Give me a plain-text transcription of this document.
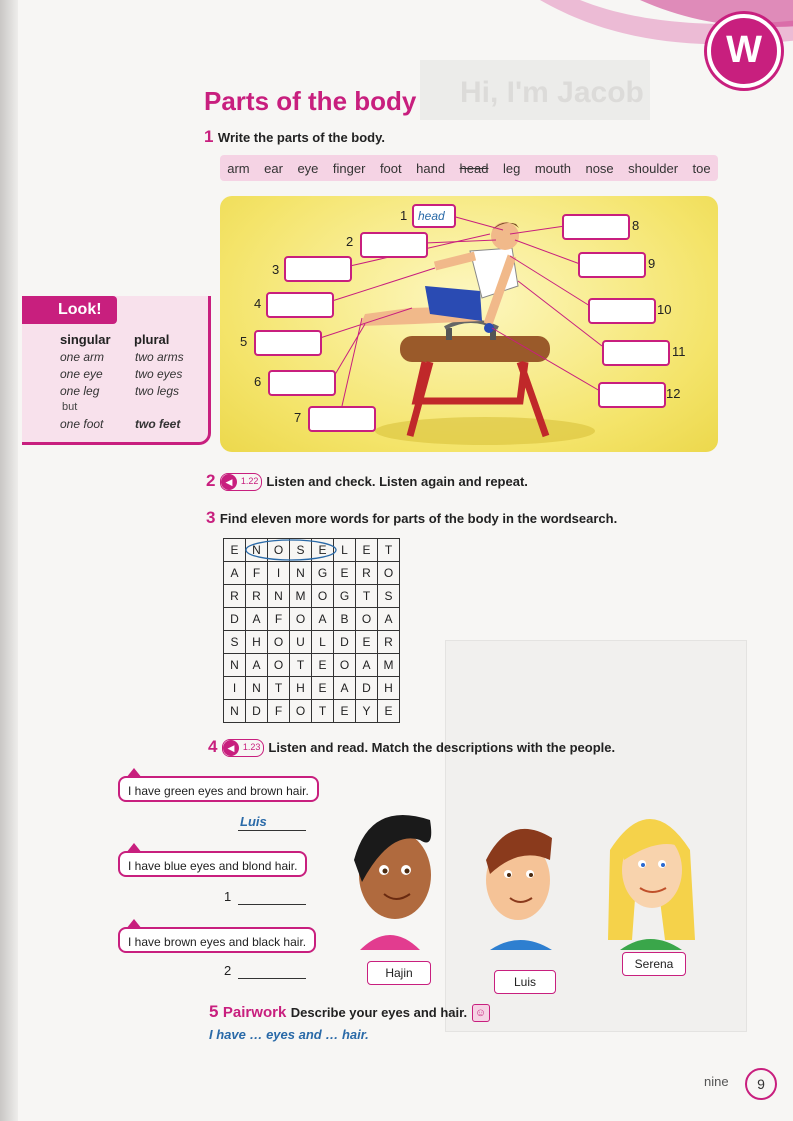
Hi, I'm Jacob
W
Parts of the body
1 Write the parts of the body.
arm ear eye finger foot hand head leg mouth nose shoulder toe
head
1
2
3
4
5
6
7
8
9
10
11
12
Look!
singular plural
one arm	two arms
one eye	two eyes
one leg	two legs
but
one foot	two feet
2	◀ 1.22 Listen and check. Listen again and repeat.
3 Find eleven more words for parts of the body in the wordsearch.
E	N	O	S	E	L	E	T
A	F	I	N	G	E	R	O
R	R	N	M	O	G	T	S
D	A	F	O	A	B	O	A
S	H	O	U	L	D	E	R
N	A	O	T	E	O	A	M
I	N	T	H	E	A	D	H
N	D	F	O	T	E	Y	E
4	◀ 1.23 Listen and read. Match the descriptions with the people.
I have green eyes and brown hair.
Luis
I have blue eyes and blond hair.
1
I have brown eyes and black hair.
2	Hajin
Luis
Serena
5 Pairwork Describe your eyes and hair. ☺
I have … eyes and … hair.
nine	9
